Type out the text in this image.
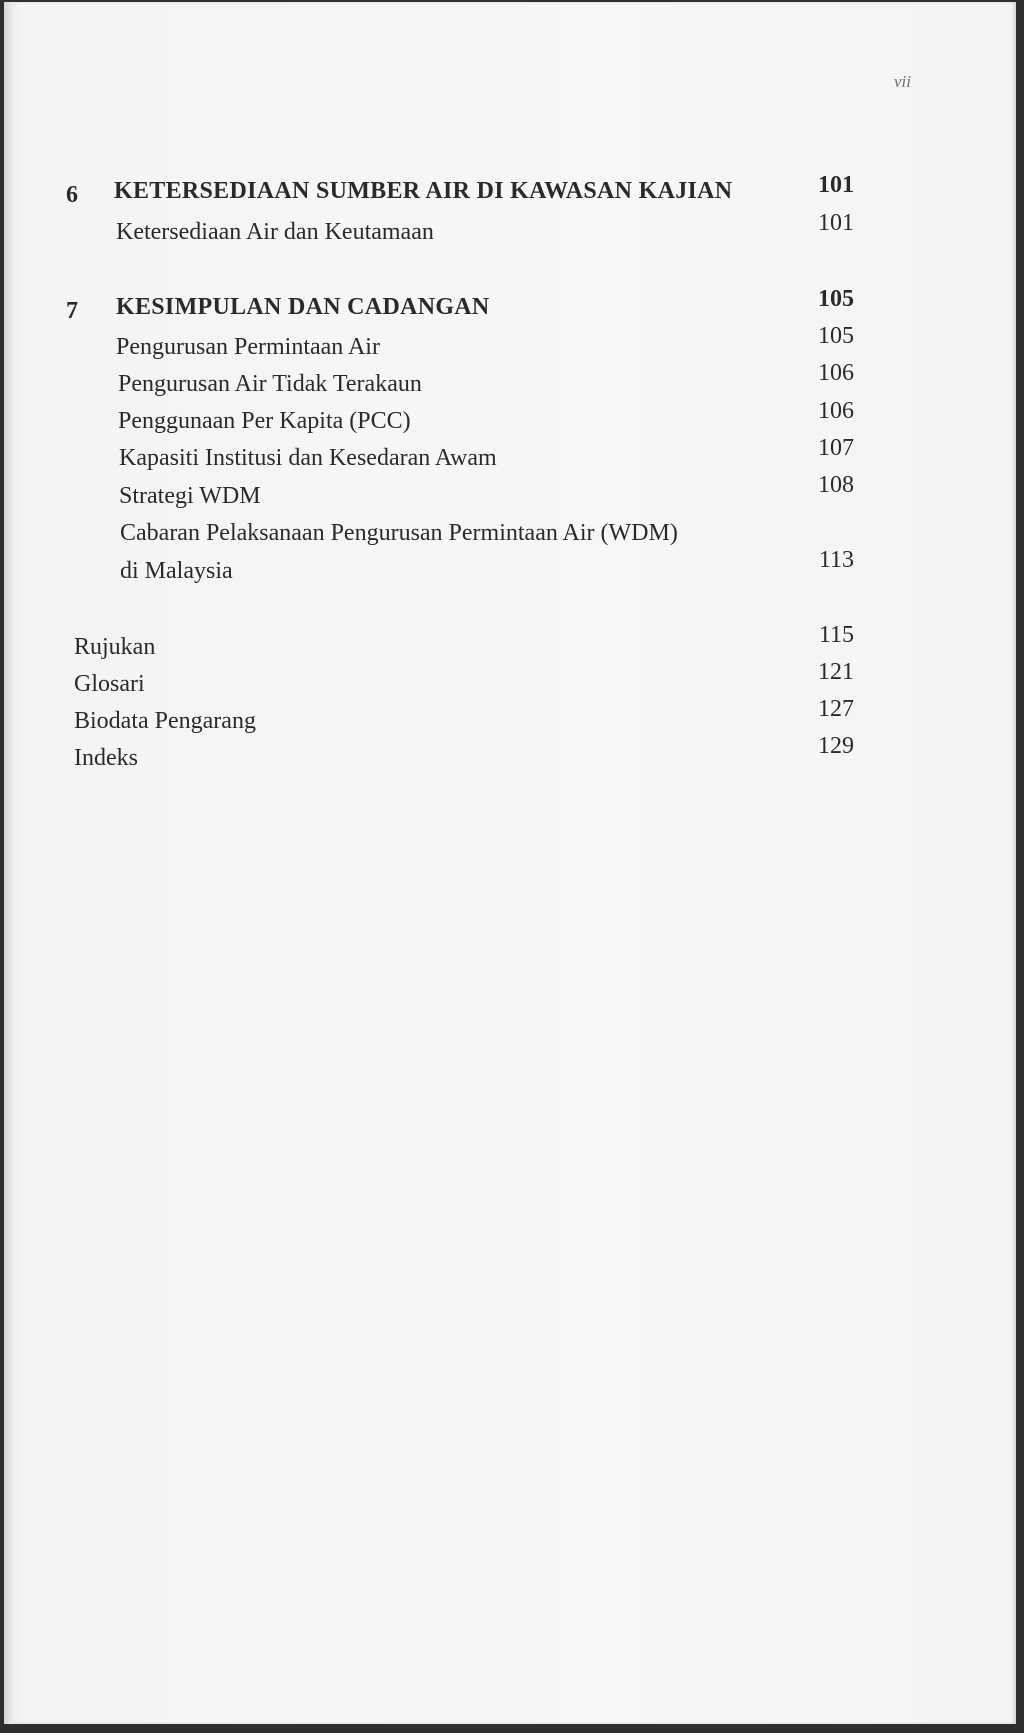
vii
6 KETERSEDIAAN SUMBER AIR DI KAWASAN KAJIAN	101
Ketersediaan Air dan Keutamaan	101
7 KESIMPULAN DAN CADANGAN	105
Pengurusan Permintaan Air	105
Pengurusan Air Tidak Terakaun	106
Penggunaan Per Kapita (PCC)	106
Kapasiti Institusi dan Kesedaran Awam	107
Strategi WDM	108
Cabaran Pelaksanaan Pengurusan Permintaan Air (WDM)
di Malaysia	113
Rujukan	115
Glosari	121
Biodata Pengarang	127
Indeks	129
